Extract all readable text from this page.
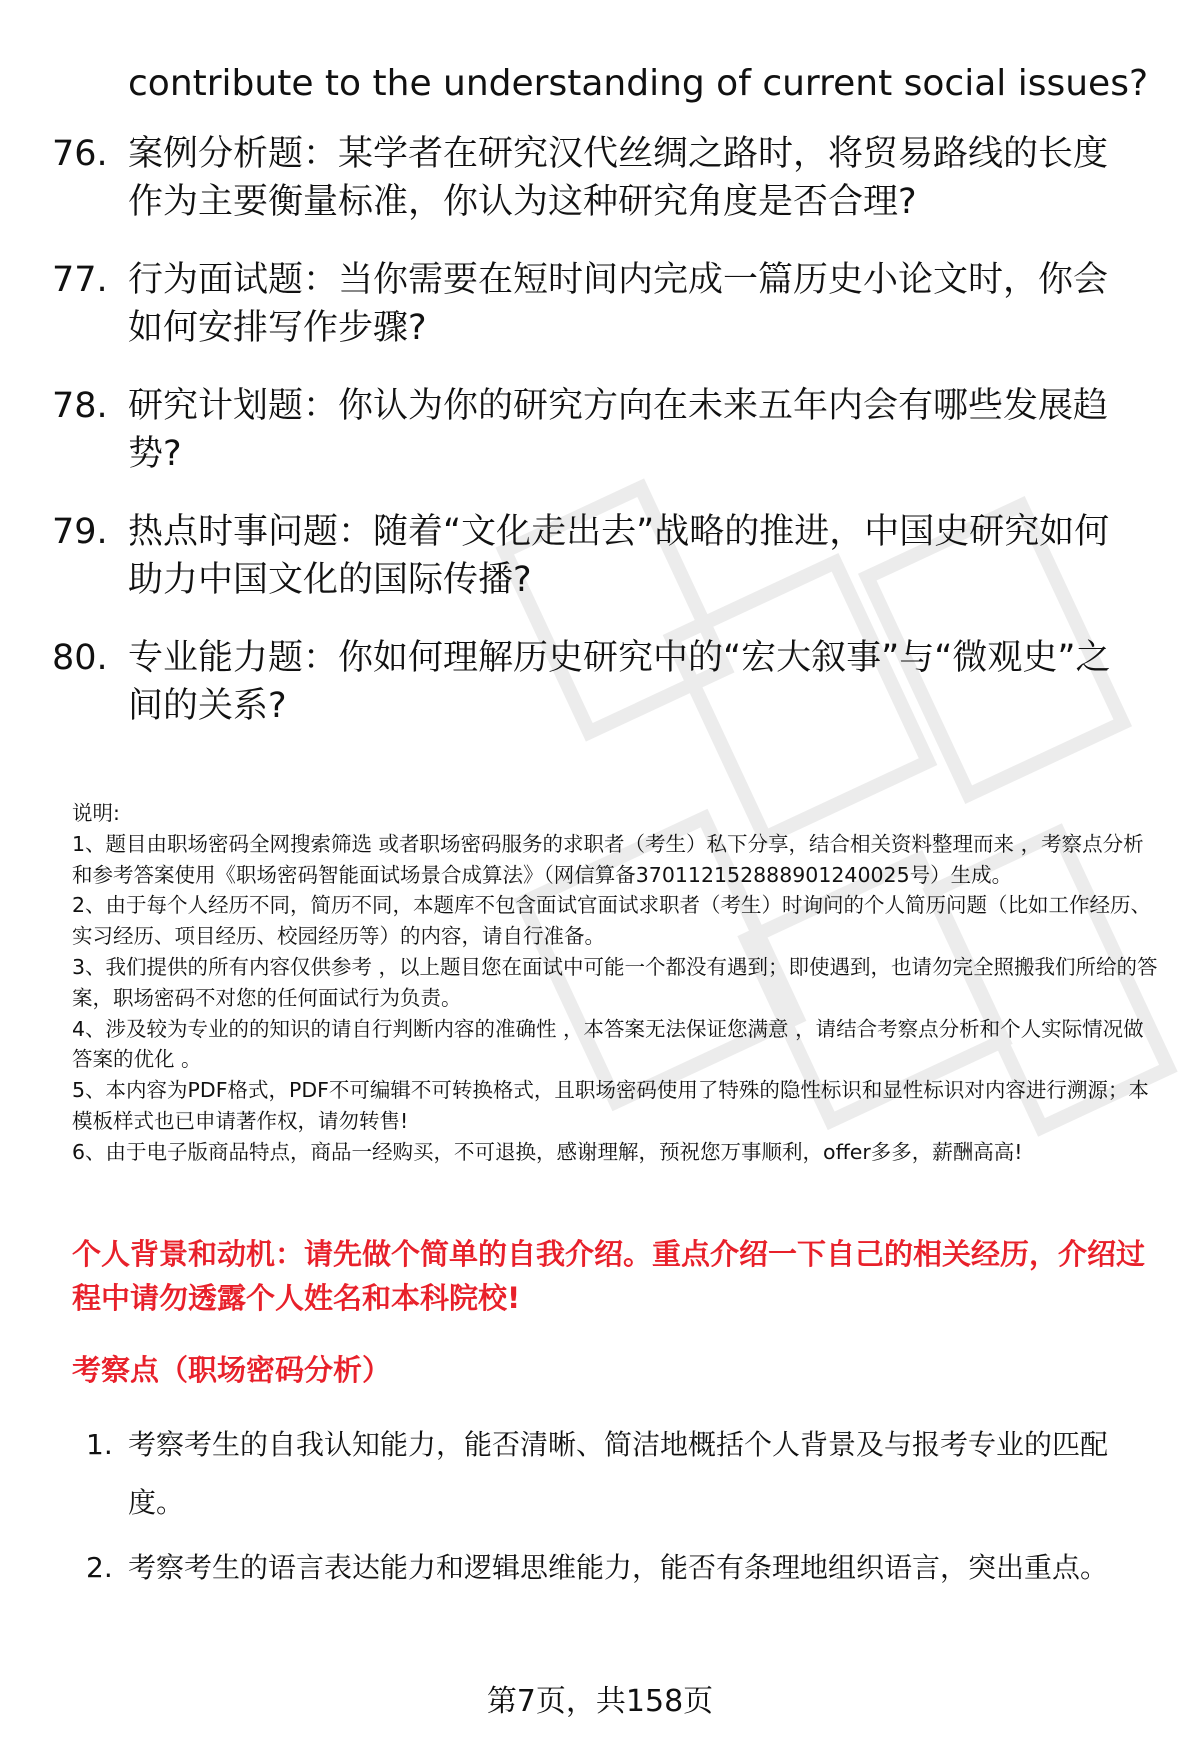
contribute to the understanding of current social issues?
76. 案例分析题：某学者在研究汉代丝绸之路时，将贸易路线的长度作为主要衡量标准，你认为这种研究角度是否合理?
77. 行为面试题：当你需要在短时间内完成一篇历史小论文时，你会如何安排写作步骤?
78. 研究计划题：你认为你的研究方向在未来五年内会有哪些发展趋势?
79. 热点时事问题：随着“文化走出去”战略的推进，中国史研究如何助力中国文化的国际传播?
80. 专业能力题：你如何理解历史研究中的“宏大叙事”与“微观史”之间的关系?
说明:
1、题目由职场密码全网搜索筛选 或者职场密码服务的求职者（考生）私下分享，结合相关资料整理而来 ，考察点分析和参考答案使用《职场密码智能面试场景合成算法》（网信算备370112152888901240025号）生成。
2、由于每个人经历不同，简历不同，本题库不包含面试官面试求职者（考生）时询问的个人简历问题（比如工作经历、实习经历、项目经历、校园经历等）的内容，请自行准备。
3、我们提供的所有内容仅供参考 ，以上题目您在面试中可能一个都没有遇到；即使遇到，也请勿完全照搬我们所给的答案，职场密码不对您的任何面试行为负责。
4、涉及较为专业的的知识的请自行判断内容的准确性 ，本答案无法保证您满意 ，请结合考察点分析和个人实际情况做答案的优化 。
5、本内容为PDF格式，PDF不可编辑不可转换格式，且职场密码使用了特殊的隐性标识和显性标识对内容进行溯源；本模板样式也已申请著作权，请勿转售!
6、由于电子版商品特点，商品一经购买，不可退换，感谢理解，预祝您万事顺利，offer多多，薪酬高高!
个人背景和动机：请先做个简单的自我介绍。重点介绍一下自己的相关经历，介绍过程中请勿透露个人姓名和本科院校!
考察点（职场密码分析）
1. 考察考生的自我认知能力，能否清晰、简洁地概括个人背景及与报考专业的匹配度。
2. 考察考生的语言表达能力和逻辑思维能力，能否有条理地组织语言，突出重点。
第7页，共158页
